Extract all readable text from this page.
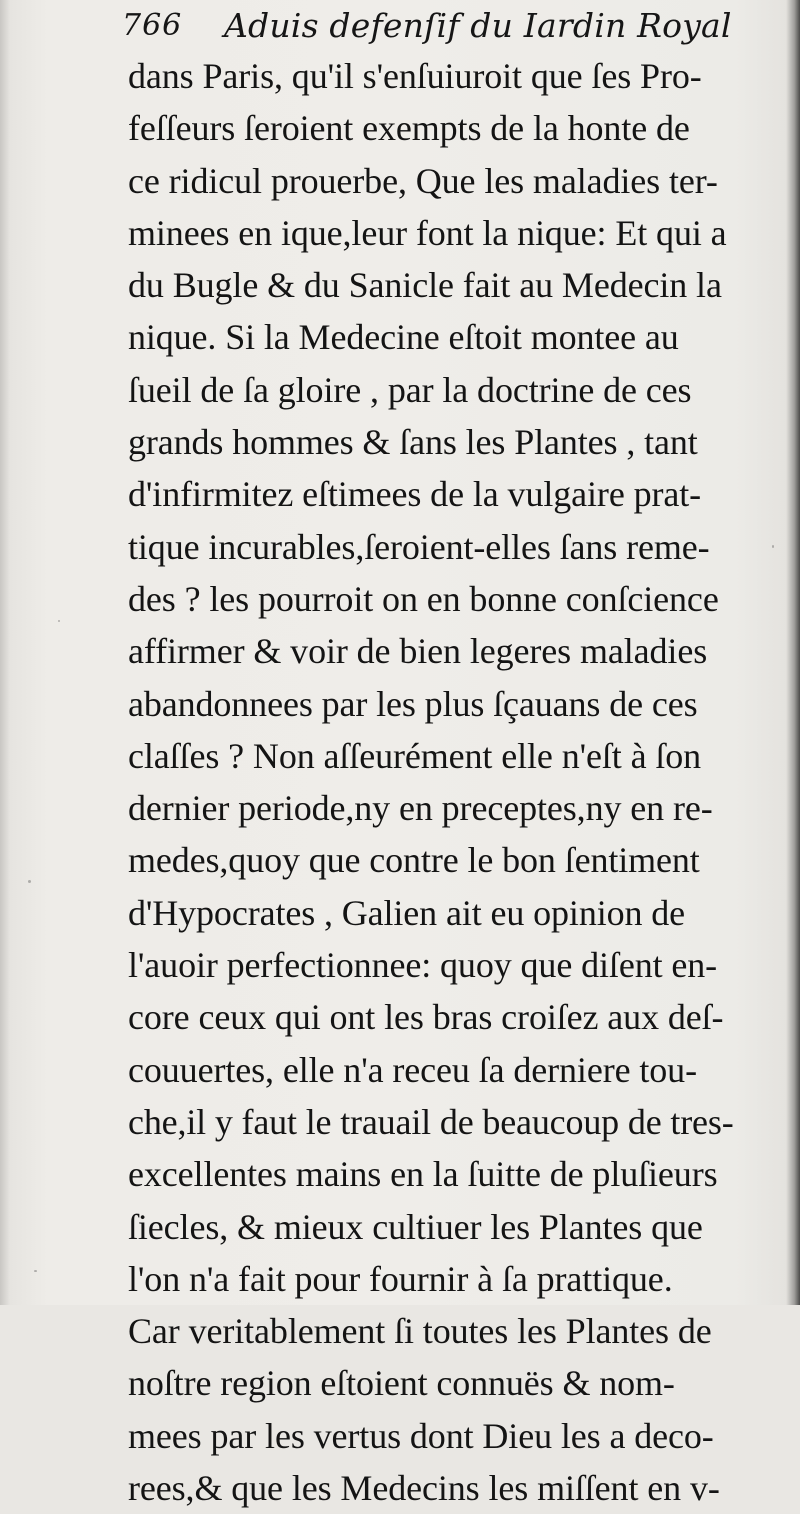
766 Aduis defenſif du Iardin Royal
dans Paris, qu'il s'enſuiuroit que ſes Pro-
feſſeurs ſeroient exempts de la honte de
ce ridicul prouerbe, Que les maladies ter-
minees en ique,leur font la nique: Et qui a
du Bugle & du Sanicle fait au Medecin la
nique. Si la Medecine eſtoit montee au
ſueil de ſa gloire , par la doctrine de ces
grands hommes & ſans les Plantes , tant
d'infirmitez eſtimees de la vulgaire prat-
tique incurables,ſeroient-elles ſans reme-
des ? les pourroit on en bonne conſcience
affirmer & voir de bien legeres maladies
abandonnees par les plus ſçauans de ces
claſſes ? Non aſſeurément elle n'eſt à ſon
dernier periode,ny en preceptes,ny en re-
medes,quoy que contre le bon ſentiment
d'Hypocrates , Galien ait eu opinion de
l'auoir perfectionnee: quoy que diſent en-
core ceux qui ont les bras croiſez aux deſ-
couuertes, elle n'a receu ſa derniere tou-
che,il y faut le trauail de beaucoup de tres-
excellentes mains en la ſuitte de pluſieurs
ſiecles, & mieux cultiuer les Plantes que
l'on n'a fait pour fournir à ſa prattique.
Car veritablement ſi toutes les Plantes de
noſtre region eſtoient connuës & nom-
mees par les vertus dont Dieu les a deco-
rees,& que les Medecins les miſſent en v-
